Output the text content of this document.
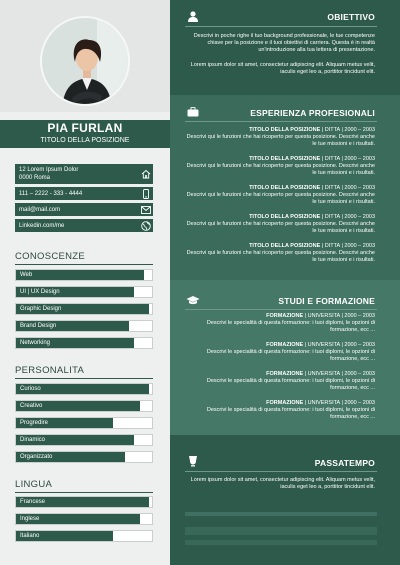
PIA FURLAN
TITOLO DELLA POSIZIONE
12 Lorem Ipsum Dolor
0000 Roma
111 – 2222 - 333 - 4444
mail@mail.com
Linkedin.com/me
CONOSCENZE
Web
UI | UX Design
Graphic Design
Brand Design
Networking
PERSONALITA
Curioso
Creativo
Progredire
Dinamico
Organizzato
LINGUA
Francese
Inglese
Italiano
OBIETTIVO
Descrivi in poche righe il tuo background professionale, le tue competenze chiave per la posizione e il tuoi obiettivi di carriera. Questa è in realtà un'introduzione alla tua lettera di presentazione.
Lorem ipsum dolor sit amet, consectetur adipiscing elit. Aliquam metus velit, iaculis eget leo a, porttitor tincidunt elit.
ESPERIENZA PROFESIONALI
TITOLO DELLA POSIZIONE | DITTA | 2000 – 2003
Descrivi qui le funzioni che hai ricoperto per questa posizione. Descrivi anche le tue missioni e i risultati.
TITOLO DELLA POSIZIONE | DITTA | 2000 – 2003
Descrivi qui le funzioni che hai ricoperto per questa posizione. Descrivi anche le tue missioni e i risultati.
TITOLO DELLA POSIZIONE | DITTA | 2000 – 2003
Descrivi qui le funzioni che hai ricoperto per questa posizione. Descrivi anche le tue missioni e i risultati.
TITOLO DELLA POSIZIONE | DITTA | 2000 – 2003
Descrivi qui le funzioni che hai ricoperto per questa posizione. Descrivi anche le tue missioni e i risultati.
TITOLO DELLA POSIZIONE | DITTA | 2000 – 2003
Descrivi qui le funzioni che hai ricoperto per questa posizione. Descrivi anche le tue missioni e i risultati.
STUDI E FORMAZIONE
FORMAZIONE | UNIVERSITA | 2000 – 2003
Descrivi le specialità di questa formazione: i tuoi diplomi, le opzioni di formazione, ecc ...
FORMAZIONE | UNIVERSITA | 2000 – 2003
Descrivi le specialità di questa formazione: i tuoi diplomi, le opzioni di formazione, ecc ...
FORMAZIONE | UNIVERSITA | 2000 – 2003
Descrivi le specialità di questa formazione: i tuoi diplomi, le opzioni di formazione, ecc ...
FORMAZIONE | UNIVERSITA | 2000 – 2003
Descrivi le specialità di questa formazione: i tuoi diplomi, le opzioni di formazione, ecc ...
PASSATEMPO
Lorem ipsum dolor sit amet, consectetur adipiscing elit. Aliquam metus velit, iaculis eget leo a, porttitor tincidunt elit.
